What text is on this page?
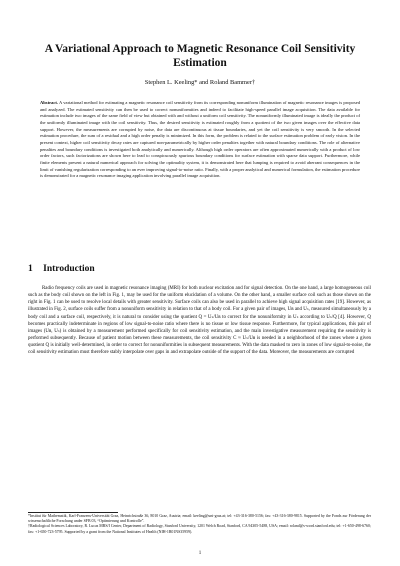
A Variational Approach to Magnetic Resonance Coil Sensitivity Estimation
Stephen L. Keeling* and Roland Bammer†
Abstract. A variational method for estimating a magnetic resonance coil sensitivity from its corresponding nonuniform illumination of magnetic resonance images is proposed and analyzed. The estimated sensitivity can then be used to correct nonuniformities and indeed to facilitate high-speed parallel image acquisition. The data available for estimation include two images of the same field of view but obtained with and without a uniform coil sensitivity. The nonuniformly illuminated image is ideally the product of the uniformly illuminated image with the coil sensitivity. Thus, the desired sensitivity is estimated roughly from a quotient of the two given images over the effective data support. However, the measurements are corrupted by noise, the data are discontinuous at tissue boundaries, and yet the coil sensitivity is very smooth. In the selected estimation procedure, the sum of a residual and a high order penalty is minimized. In this form, the problem is related to the surface estimation problem of early vision. In the present context, higher coil sensitivity decay rates are captured non-parametrically by higher order penalties together with natural boundary conditions. The role of alternative penalties and boundary conditions is investigated both analytically and numerically. Although high order operators are often approximated numerically with a product of low order factors, such factorizations are shown here to lead to conspicuously spurious boundary conditions for surface estimation with sparse data support. Furthermore, while finite elements present a natural numerical approach for solving the optimality system, it is demonstrated here that lumping is required to avoid aberrant consequences in the limit of vanishing regularization corresponding to an ever improving signal-to-noise ratio. Finally, with a proper analytical and numerical formulation, the estimation procedure is demonstrated for a magnetic resonance imaging application involving parallel image acquisition.
1 Introduction

Radio frequency coils are used in magnetic resonance imaging (MRI) for both nuclear excitation and for signal detection. On the one hand, a large homogeneous coil such as the body coil shown on the left in Fig. 1, may be used for the uniform elucidation of a volume. On the other hand, a smaller surface coil such as those shown on the right in Fig. 1 can be used to resolve local details with greater sensitivity. Surface coils can also be used in parallel to achieve high signal acquisition rates [19]. However, as illustrated in Fig. 2, surface coils suffer from a nonuniform sensitivity in relation to that of a body coil. For a given pair of images, Uʙ and Uₛ, measured simultaneously by a body coil and a surface coil, respectively, it is natural to consider using the quotient Q = Uₛ/Uʙ to correct for the nonuniformity in Uₛ according to Uₛ/Q [4]. However, Q becomes practically indeterminate in regions of low signal-to-noise ratio where there is no tissue or low tissue response. Furthermore, for typical applications, this pair of images (Uʙ, Uₛ) is obtained by a measurement performed specifically for coil sensitivity estimation, and the main investigative measurement requiring the sensitivity is performed subsequently. Because of patient motion between these measurements, the coil sensitivity C ≈ Uₛ/Uʙ is needed in a neighborhood of the zones where a given quotient Q is initially well-determined, in order to correct for nonuniformities in subsequent measurements. With the data masked to zero in zones of low signal-to-noise, the coil sensitivity estimation must therefore stably interpolate over gaps in and extrapolate outside of the support of the data. Moreover, the measurements are corrupted

*Institut für Mathematik, Karl-Franzens-Universität Graz, Heinrichstraße 36, 8010 Graz, Austria; email: keeling@uni-graz.at; tel: +43-316-380-5156; fax: +43-316-380-9815. Supported by the Fonds zur Förderung der wissenschaftliche Forschung under SFB 03, “Optimierung und Kontrolle”.

†Radiological Sciences Laboratory, R. Lucas MRS/I Center, Department of Radiology, Stanford University, 1201 Welch Road, Stanford, CA 94305-5488, USA; email: roland@s-word.stanford.edu; tel: +1-650-498-6760; fax: +1-650-723-5795. Supported by a grant from the National Institutes of Health (NIH-1R01NS35959).

1
